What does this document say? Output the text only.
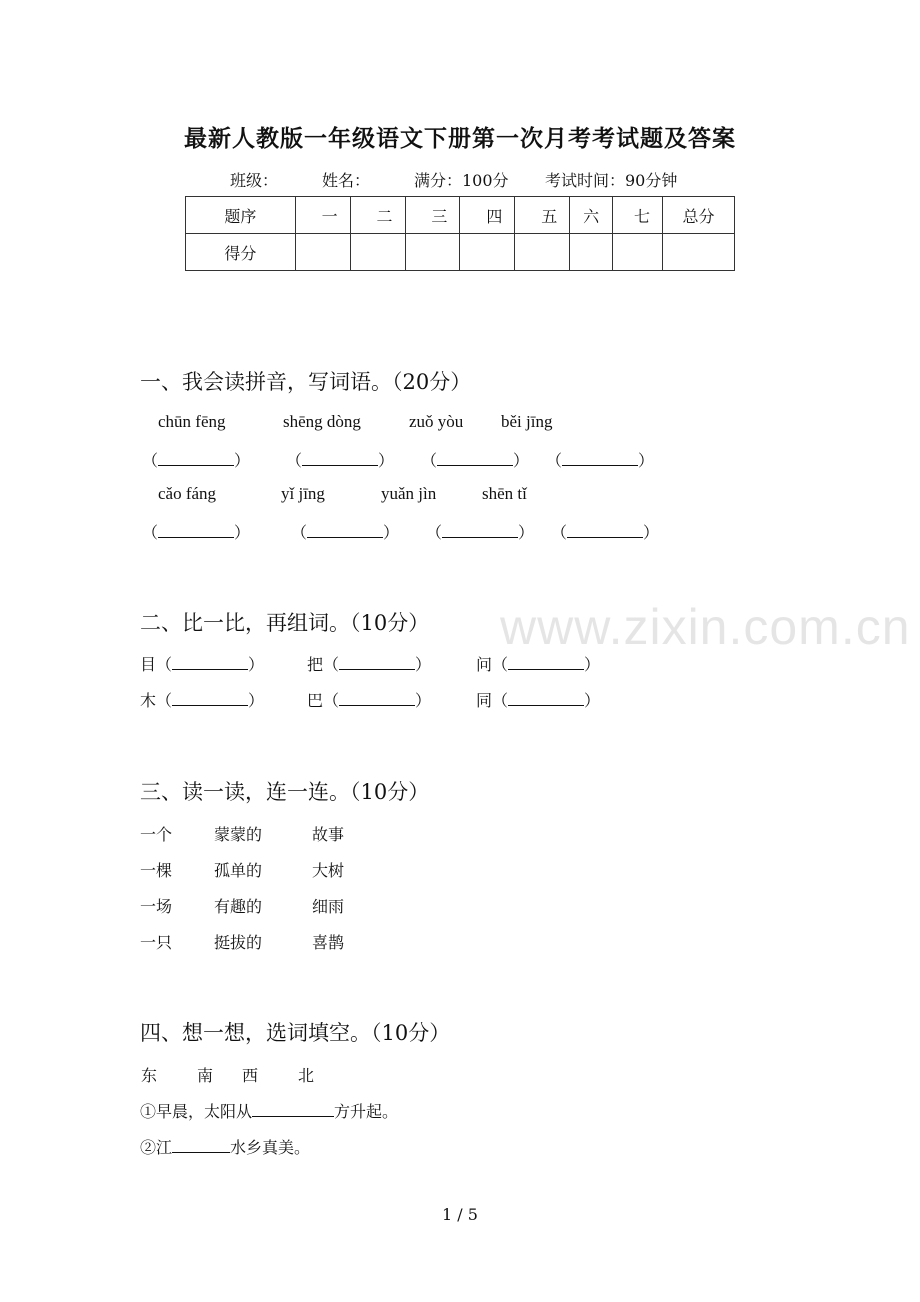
最新人教版一年级语文下册第一次月考考试题及答案
班级：	姓名：	满分：100分 考试时间：90分钟
题序	一	二	三	四	五	六	七	总分
得分								
一、我会读拼音，写词语。（20分）
chūn fēng	shēng dòng	zuǒ yòu běi jīng
（	） （	） （	） （	）
cǎo fáng	yǐ jīng	yuǎn jìn	shēn tǐ
（	）	（	） （	） （	）
www.zixin.com.cn
二、比一比，再组词。（10分）
目（	）	把（	）	问（	）
木（	）	巴（	）	同（	）
三、读一读，连一连。（10分）
一个	蒙蒙的	故事
一棵	孤单的	大树
一场	有趣的	细雨
一只	挺拔的	喜鹊
四、想一想，选词填空。（10分）
东 南 西 北
①早晨，太阳从	方升起。
②江	水乡真美。
1 / 5
